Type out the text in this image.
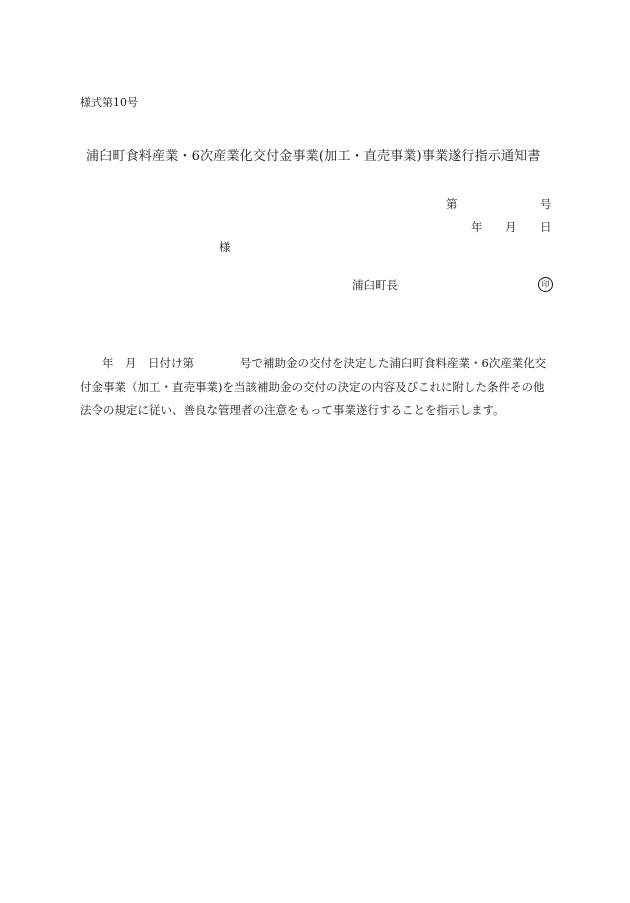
様式第10号
浦臼町食料産業・6次産業化交付金事業(加工・直売事業)事業遂行指示通知書
第	号
年 月 日
様
浦臼町長	印
年　月　日付け第　　　　号で補助金の交付を決定した浦臼町食料産業・6次産業化交
付金事業（加工・直売事業)を当該補助金の交付の決定の内容及びこれに附した条件その他
法令の規定に従い、善良な管理者の注意をもって事業遂行することを指示します。
